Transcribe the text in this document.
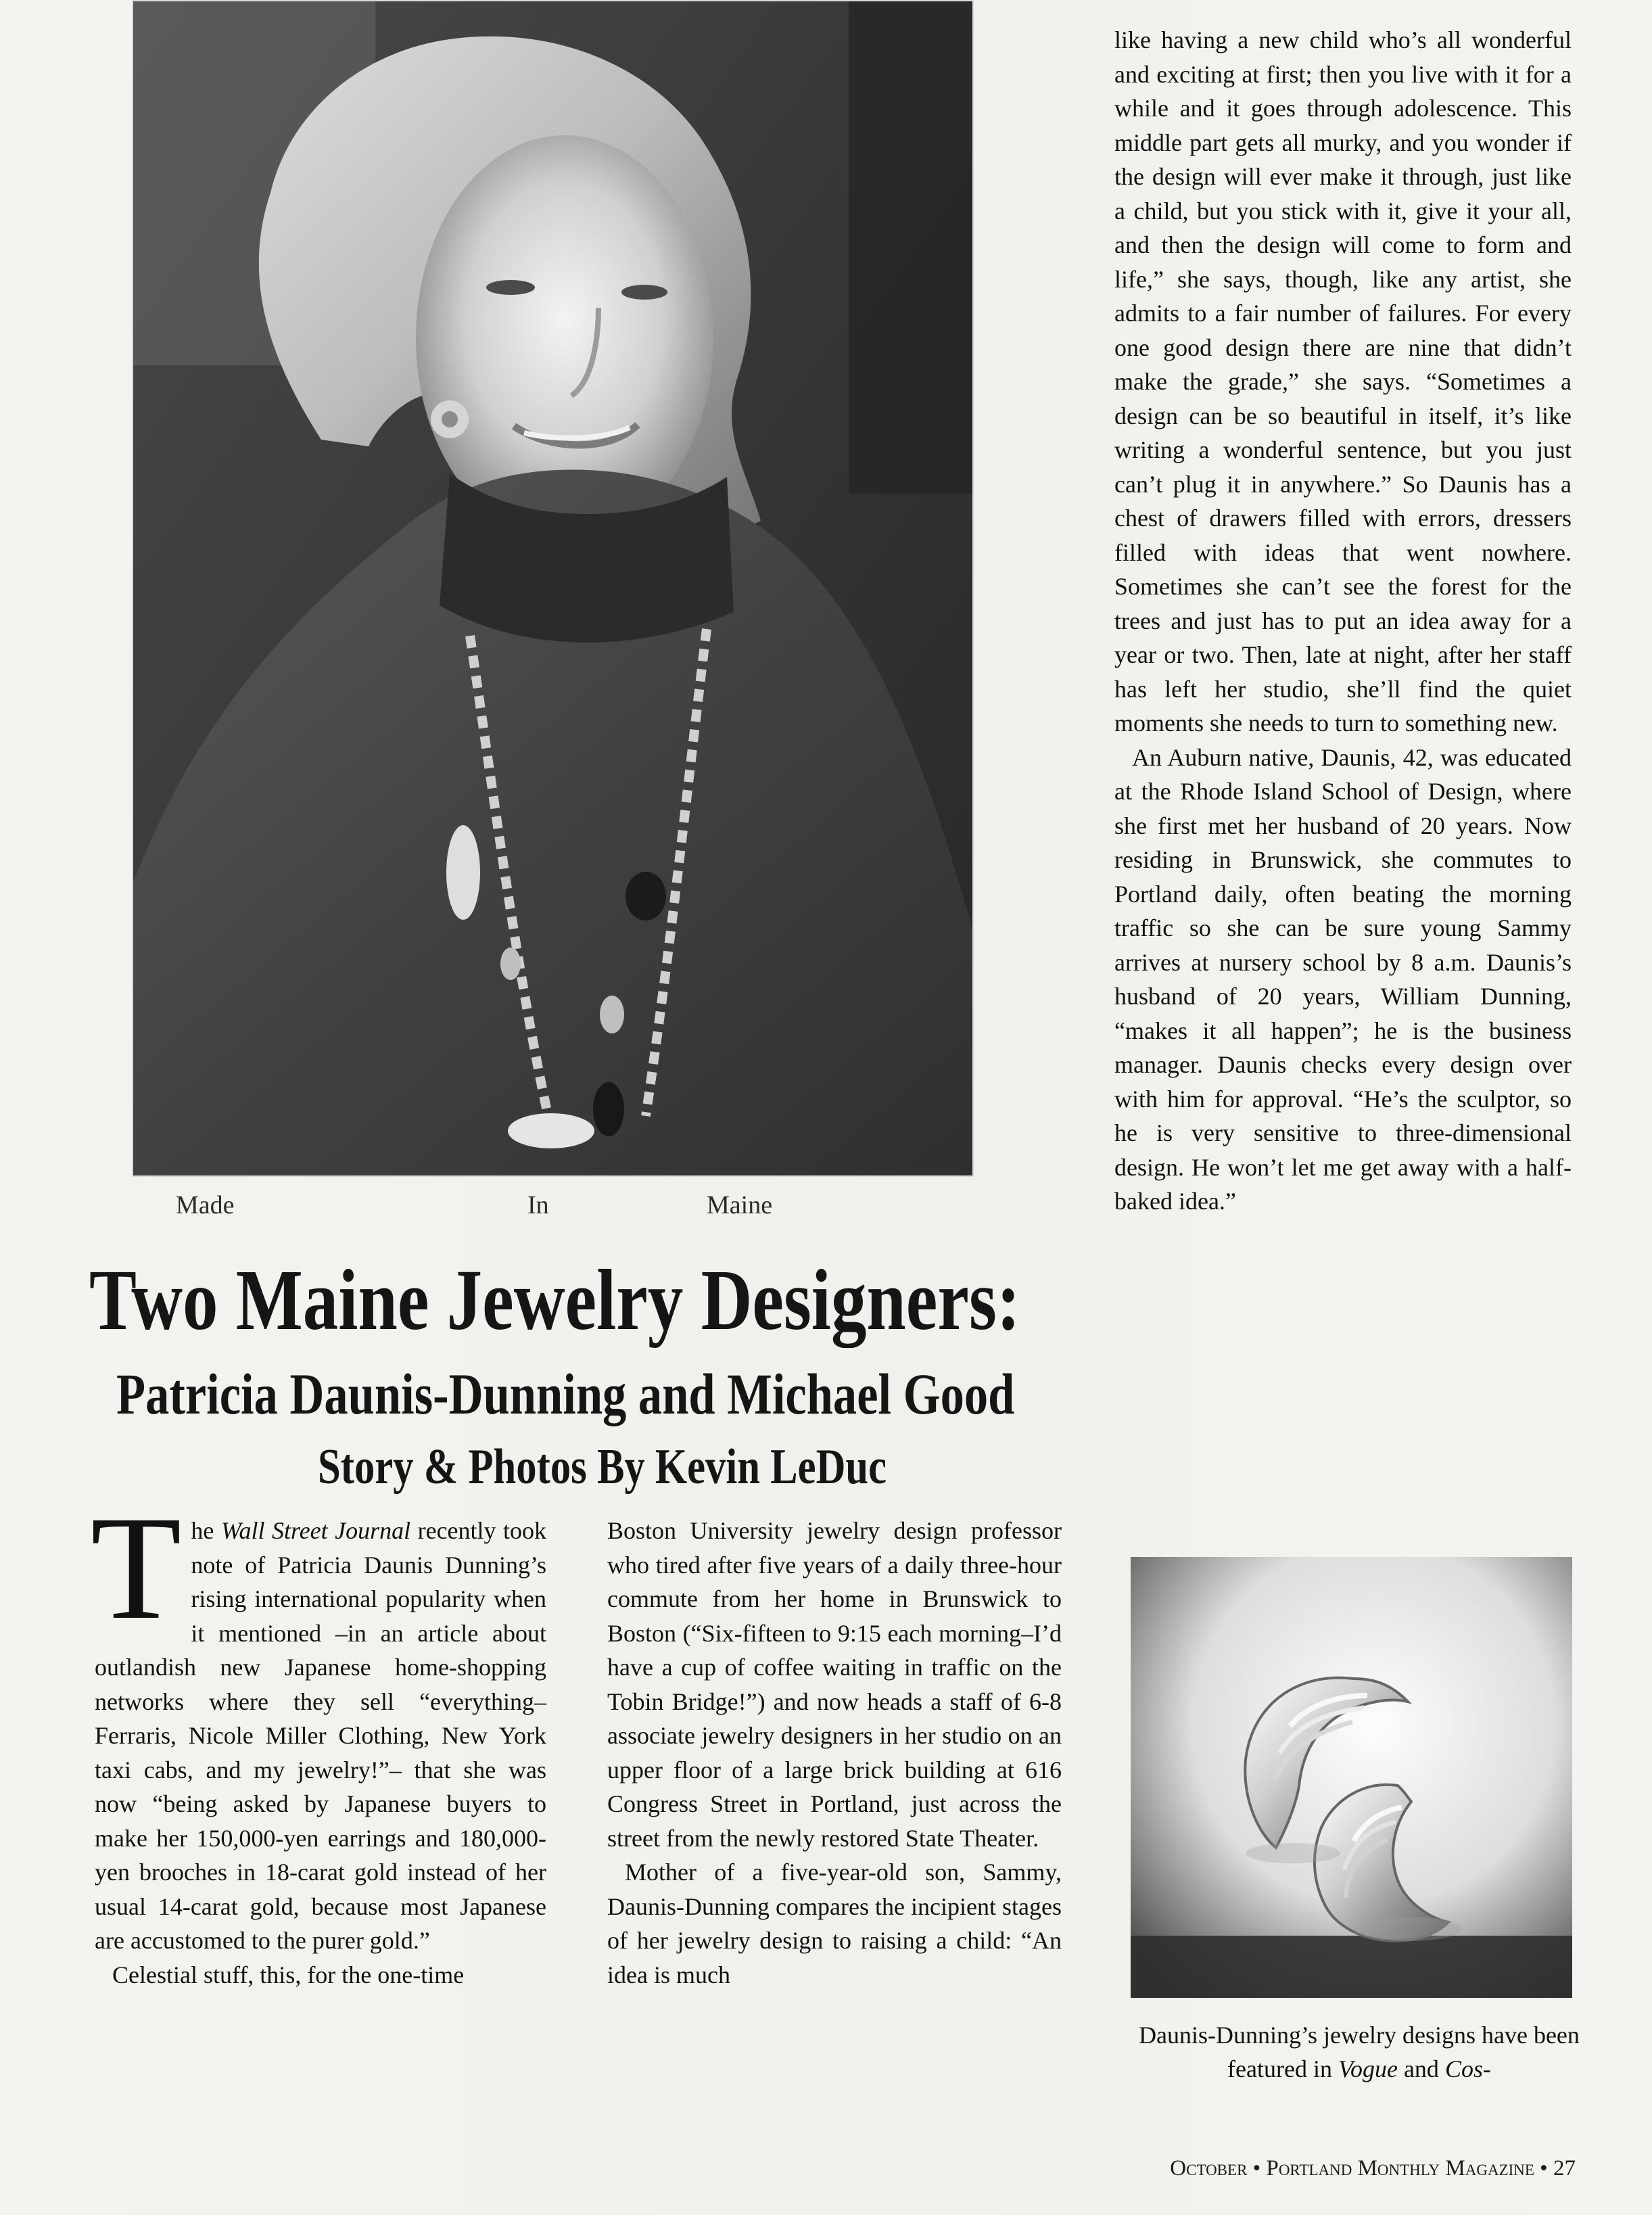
Made	In	Maine
Two Maine Jewelry Designers:
Patricia Daunis-Dunning and Michael Good
Story & Photos By Kevin LeDuc

The Wall Street Journal recently took note of Patricia Daunis Dunning’s rising international popularity when it mentioned –in an article about outlandish new Japanese home-shopping networks where they sell “everything– Ferraris, Nicole Miller Clothing, New York taxi cabs, and my jewelry!”– that she was now “being asked by Japanese buyers to make her 150,000-yen earrings and 180,000-yen brooches in 18-carat gold instead of her usual 14-carat gold, because most Japanese are accustomed to the purer gold.”

Celestial stuff, this, for the one-time

Boston University jewelry design professor who tired after five years of a daily three-hour commute from her home in Brunswick to Boston (“Six-fifteen to 9:15 each morning–I’d have a cup of coffee waiting in traffic on the Tobin Bridge!”) and now heads a staff of 6-8 associate jewelry designers in her studio on an upper floor of a large brick building at 616 Congress Street in Portland, just across the street from the newly restored State Theater.

Mother of a five-year-old son, Sammy, Daunis-Dunning compares the incipient stages of her jewelry design to raising a child: “An idea is much

like having a new child who’s all wonderful and exciting at first; then you live with it for a while and it goes through adolescence. This middle part gets all murky, and you wonder if the design will ever make it through, just like a child, but you stick with it, give it your all, and then the design will come to form and life,” she says, though, like any artist, she admits to a fair number of failures. For every one good design there are nine that didn’t make the grade,” she says. “Sometimes a design can be so beautiful in itself, it’s like writing a wonderful sentence, but you just can’t plug it in anywhere.” So Daunis has a chest of drawers filled with errors, dressers filled with ideas that went nowhere. Sometimes she can’t see the forest for the trees and just has to put an idea away for a year or two. Then, late at night, after her staff has left her studio, she’ll find the quiet moments she needs to turn to something new.

An Auburn native, Daunis, 42, was educated at the Rhode Island School of Design, where she first met her husband of 20 years. Now residing in Brunswick, she commutes to Portland daily, often beating the morning traffic so she can be sure young Sammy arrives at nursery school by 8 a.m. Daunis’s husband of 20 years, William Dunning, “makes it all happen”; he is the business manager. Daunis checks every design over with him for approval. “He’s the sculptor, so he is very sensitive to three-dimensional design. He won’t let me get away with a half-baked idea.”

Daunis-Dunning’s jewelry designs have been featured in Vogue and Cos-
October • Portland Monthly Magazine • 27
